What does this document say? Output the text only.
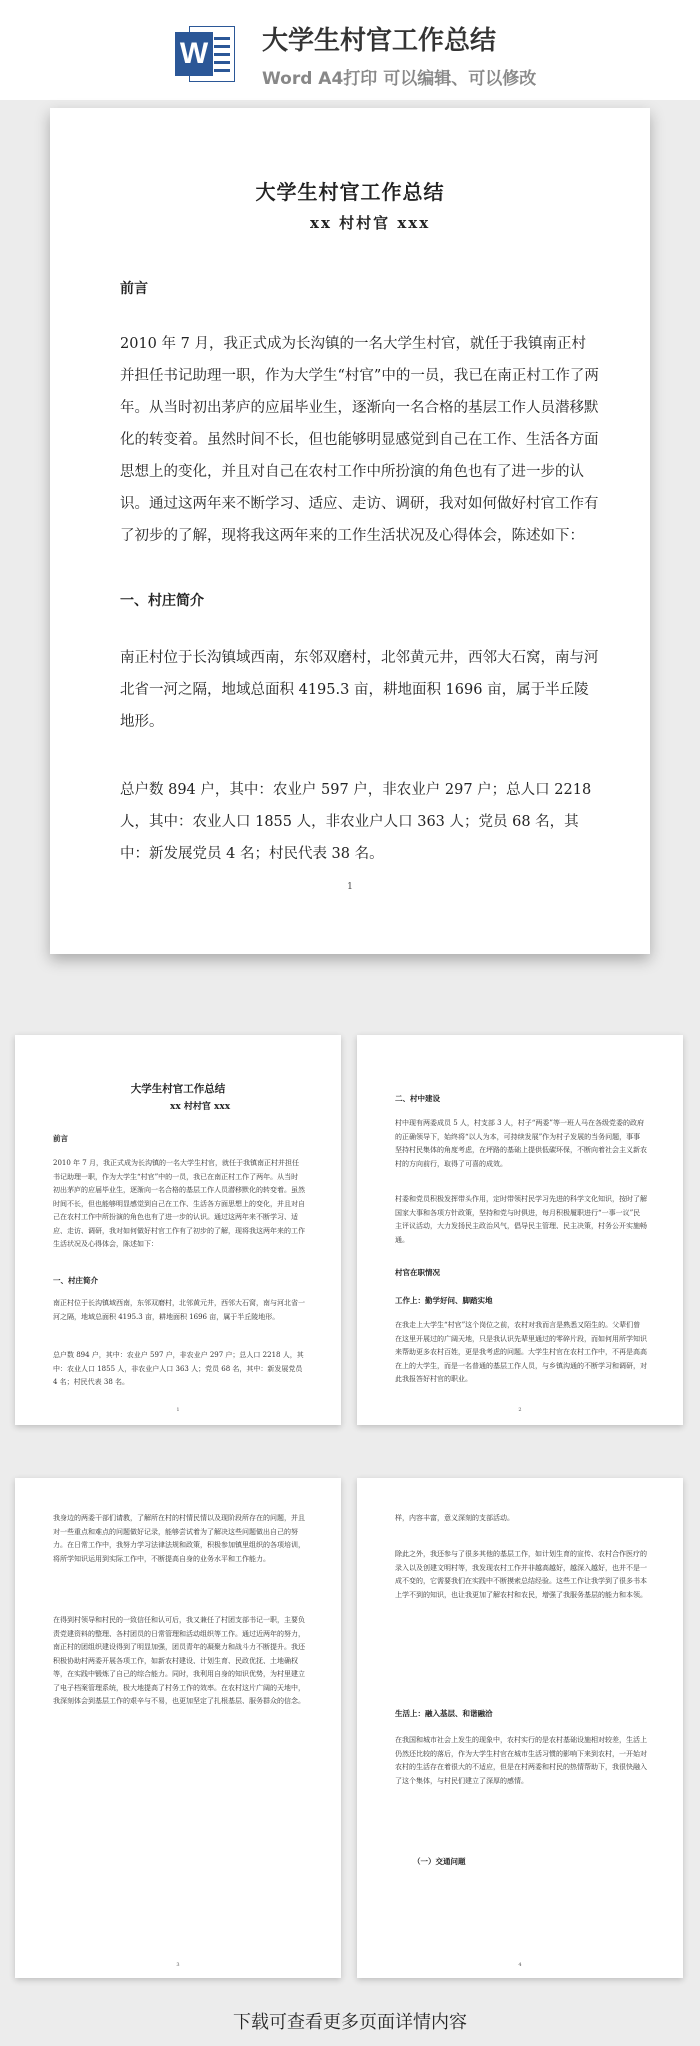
W 大学生村官工作总结
Word A4打印 可以编辑、可以修改
大学生村官工作总结
xx 村村官 xxx
前言
2010 年 7 月，我正式成为长沟镇的一名大学生村官，就任于我镇南正村并担任书记助理一职，作为大学生“村官”中的一员，我已在南正村工作了两年。从当时初出茅庐的应届毕业生，逐渐向一名合格的基层工作人员潜移默化的转变着。虽然时间不长，但也能够明显感觉到自己在工作、生活各方面思想上的变化，并且对自己在农村工作中所扮演的角色也有了进一步的认识。通过这两年来不断学习、适应、走访、调研，我对如何做好村官工作有了初步的了解，现将我这两年来的工作生活状况及心得体会，陈述如下：
一、村庄简介
南正村位于长沟镇域西南，东邻双磨村，北邻黄元井，西邻大石窝，南与河北省一河之隔，地域总面积 4195.3 亩，耕地面积 1696 亩，属于半丘陵地形。
总户数 894 户，其中：农业户 597 户，非农业户 297 户；总人口 2218 人，其中：农业人口 1855 人，非农业户人口 363 人；党员 68 名，其中：新发展党员 4 名；村民代表 38 名。
1
大学生村官工作总结
xx 村村官 xxx
前言
2010 年 7 月，我正式成为长沟镇的一名大学生村官，就任于我镇南正村并担任书记助理一职，作为大学生“村官”中的一员，我已在南正村工作了两年。从当时初出茅庐的应届毕业生，逐渐向一名合格的基层工作人员潜移默化的转变着。虽然时间不长，但也能够明显感觉到自己在工作、生活各方面思想上的变化，并且对自己在农村工作中所扮演的角色也有了进一步的认识。通过这两年来不断学习、适应、走访、调研，我对如何做好村官工作有了初步的了解，现将我这两年来的工作生活状况及心得体会，陈述如下：
一、村庄简介
南正村位于长沟镇域西南，东邻双磨村，北邻黄元井，西邻大石窝，南与河北省一河之隔，地域总面积 4195.3 亩，耕地面积 1696 亩，属于半丘陵地形。
总户数 894 户，其中：农业户 597 户，非农业户 297 户；总人口 2218 人，其中：农业人口 1855 人，非农业户人口 363 人；党员 68 名，其中：新发展党员 4 名；村民代表 38 名。
1
二、村中建设
村中现有两委成员 5 人，村支部 3 人，村子“两委”等一班人马在各级党委的政府的正确领导下，始终将“以人为本，可持续发展”作为村子发展的当务问题，事事坚持村民集体的角度考虑，在坪路的基础上提供低碳环保，不断向着社会主义新农村的方向前行，取得了可喜的成效。
村委和党员积极发挥带头作用，定时带领村民学习先进的科学文化知识，按时了解国家大事和各项方针政策，坚持和党与时俱进，每月积极履职进行“一事一议”民主评议活动，大力发扬民主政治风气，倡导民主管理、民主决策，村务公开实施畅通。
村官在职情况
工作上：勤学好问、脚踏实地
在我走上大学生“村官”这个岗位之前，农村对我而言是熟悉又陌生的。父辈们曾在这里开展过的广阔天地，只是我认识先辈里通过的零碎片段，而如何用所学知识来帮助更多农村百姓，更是我考虑的问题。大学生村官在农村工作中，不再是高高在上的大学生，而是一名普通的基层工作人员，与乡镇沟通的不断学习和调研，对此我报答好村官的职业。
2
我身边的两委干部们请教，了解所在村的村情民情以及现阶段所存在的问题，并且对一些重点和难点的问题做好记录，能够尝试着为了解决这些问题做出自己的努力。在日常工作中，我努力学习法律法规和政策，积极参加镇里组织的各项培训，将所学知识运用到实际工作中，不断提高自身的业务水平和工作能力。
在得到村领导和村民的一致信任和认可后，我又兼任了村团支部书记一职，主要负责党建资料的整理、各村团员的日常管理和活动组织等工作。通过近两年的努力，南正村的团组织建设得到了明显加强，团员青年的凝聚力和战斗力不断提升。我还积极协助村两委开展各项工作，如新农村建设、计划生育、民政优抚、土地确权等，在实践中锻炼了自己的综合能力。同时，我利用自身的知识优势，为村里建立了电子档案管理系统，极大地提高了村务工作的效率。在农村这片广阔的天地中，我深刻体会到基层工作的艰辛与不易，也更加坚定了扎根基层、服务群众的信念。
3
样，内容丰富，意义深刻的支部活动。
除此之外，我还参与了很多其他的基层工作，如计划生育的宣传、农村合作医疗的录入以及创建文明村等，我发现农村工作并非越高越好，越深入越好，也并不是一成不变的，它需要我们在实践中不断摸索总结经验。这些工作让我学到了很多书本上学不到的知识，也让我更加了解农村和农民，增强了我服务基层的能力和本领。
生活上：融入基层、和谐融洽
在我国和城市社会上发生的现象中，农村实行的是农村基础设施相对较差，生活上仍然还比较的落后，作为大学生村官在城市生活习惯的影响下来到农村，一开始对农村的生活存在着很大的不适应，但是在村两委和村民的热情帮助下，我很快融入了这个集体，与村民们建立了深厚的感情。
（一）交通问题
4
下载可查看更多页面详情内容
